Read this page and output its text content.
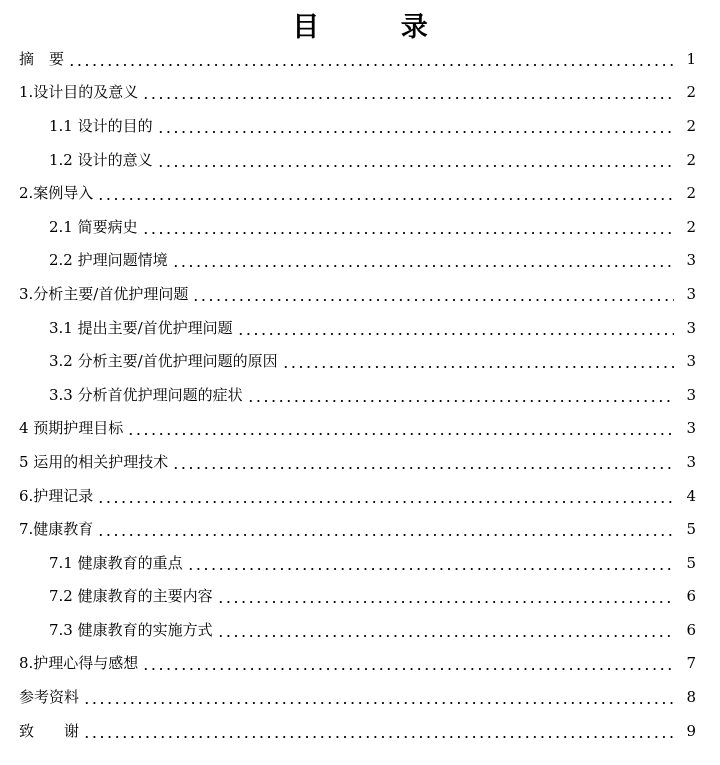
目 录
摘　要	1
1.设计目的及意义	2
1.1 设计的目的	2
1.2 设计的意义	2
2.案例导入	2
2.1 简要病史	2
2.2 护理问题情境	3
3.分析主要/首优护理问题	3
3.1 提出主要/首优护理问题	3
3.2 分析主要/首优护理问题的原因	3
3.3 分析首优护理问题的症状	3
4 预期护理目标	3
5 运用的相关护理技术	3
6.护理记录	4
7.健康教育	5
7.1 健康教育的重点	5
7.2 健康教育的主要内容	6
7.3 健康教育的实施方式	6
8.护理心得与感想	7
参考资料	8
致　　谢	9
